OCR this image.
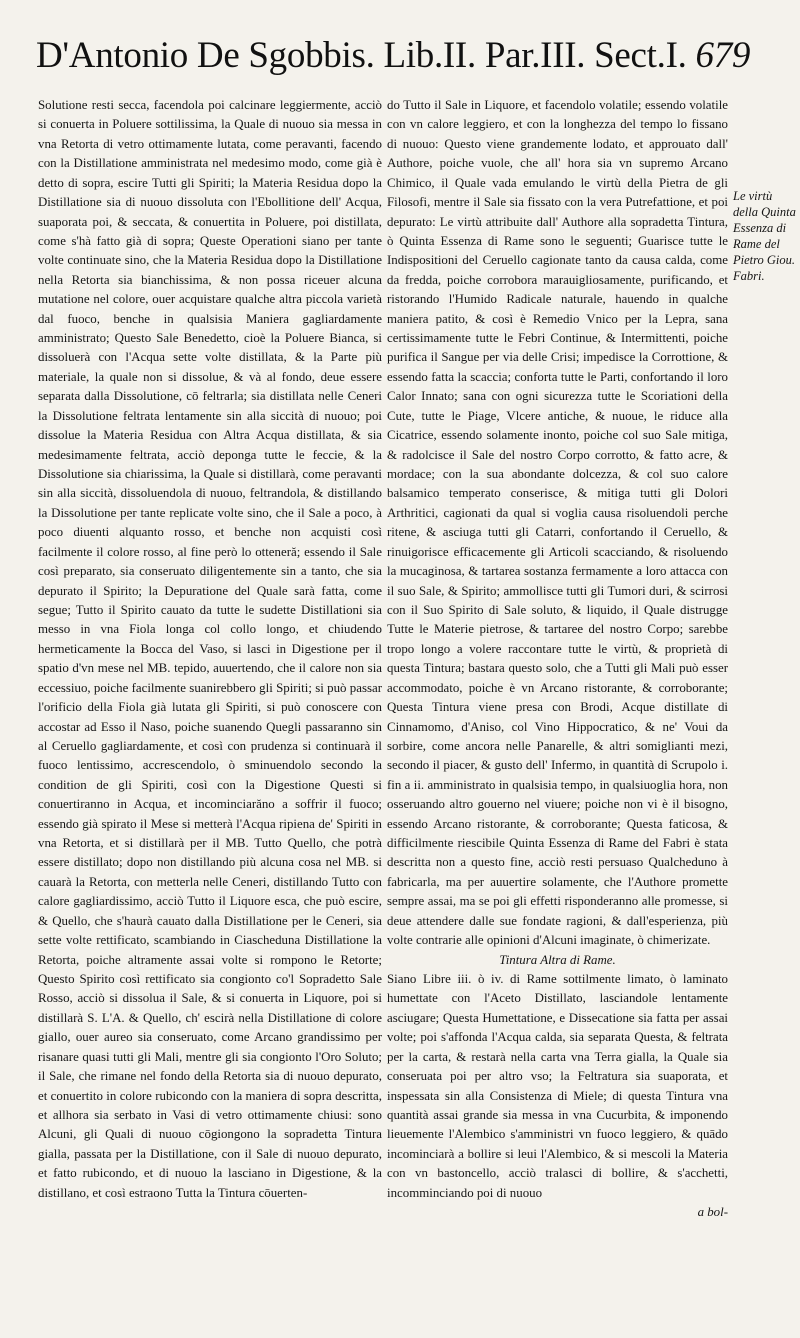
D'Antonio De Sgobbis. Lib.II. Par.III. Sect.I. 679

Solutione resti secca, facendola poi calcinare leggiermente, acciò si conuerta in Poluere sottilissima, la Quale di nuouo sia messa in vna Retorta di vetro ottimamente lutata, come peravanti, facendo con la Distillatione amministrata nel medesimo modo, come già è detto di sopra, escire Tutti gli Spiriti; la Materia Residua dopo la Distillatione sia di nuouo dissoluta con l'Ebollitione dell' Acqua, suaporata poi, & seccata, & conuertita in Poluere, poi distillata, come s'hà fatto già di sopra; Queste Operationi siano per tante volte continuate sino, che la Materia Residua dopo la Distillatione nella Retorta sia bianchissima, & non possa riceuer alcuna mutatione nel colore, ouer acquistare qualche altra piccola varietà dal fuoco, benche in qualsisia Maniera gagliardamente amministrato; Questo Sale Benedetto, cioè la Poluere Bianca, si dissoluerà con l'Acqua sette volte distillata, & la Parte più materiale, la quale non si dissolue, & và al fondo, deue essere separata dalla Dissolutione, cō feltrarla; sia distillata nelle Ceneri la Dissolutione feltrata lentamente sin alla siccità di nuouo; poi dissolue la Materia Residua con Altra Acqua distillata, & sia medesimamente feltrata, acciò deponga tutte le feccie, & la Dissolutione sia chiarissima, la Quale si distillarà, come peravanti sin alla siccità, dissoluendola di nuouo, feltrandola, & distillando la Dissolutione per tante replicate volte sino, che il Sale a poco, à poco diuenti alquanto rosso, et benche non acquisti così facilmente il colore rosso, al fine però lo otteneră; essendo il Sale così preparato, sia conseruato diligentemente sin a tanto, che sia depurato il Spirito; la Depuratione del Quale sarà fatta, come segue; Tutto il Spirito cauato da tutte le sudette Distillationi sia messo in vna Fiola longa col collo longo, et chiudendo hermeticamente la Bocca del Vaso, si lasci in Digestione per il spatio d'vn mese nel MB. tepido, auuertendo, che il calore non sia eccessiuo, poiche facilmente suanirebbero gli Spiriti; si può passar l'orificio della Fiola già lutata gli Spiriti, si può conoscere con accostar ad Esso il Naso, poiche suanendo Quegli passaranno sin al Ceruello gagliardamente, et così con prudenza si continuarà il fuoco lentissimo, accrescendolo, ò sminuendolo secondo la condition de gli Spiriti, così con la Digestione Questi si conuertiranno in Acqua, et incominciarăno a soffrir il fuoco; essendo già spirato il Mese si metterà l'Acqua ripiena de' Spiriti in vna Retorta, et si distillarà per il MB. Tutto Quello, che potrà essere distillato; dopo non distillando più alcuna cosa nel MB. si cauarà la Retorta, con metterla nelle Ceneri, distillando Tutto con calore gagliardissimo, acciò Tutto il Liquore esca, che può escire, & Quello, che s'haurà cauato dalla Distillatione per le Ceneri, sia sette volte rettificato, scambiando in Ciascheduna Distillatione la Retorta, poiche altramente assai volte si rompono le Retorte; Questo Spirito così rettificato sia congionto co'l Sopradetto Sale Rosso, acciò si dissolua il Sale, & si conuerta in Liquore, poi si distillarà S. L'A. & Quello, ch' escirà nella Distillatione di colore giallo, ouer aureo sia conseruato, come Arcano grandissimo per risanare quasi tutti gli Mali, mentre gli sia congionto l'Oro Soluto; il Sale, che rimane nel fondo della Retorta sia di nuouo depurato, et conuertito in colore rubicondo con la maniera di sopra descritta, et allhora sia serbato in Vasi di vetro ottimamente chiusi: sono Alcuni, gli Quali di nuouo cōgiongono la sopradetta Tintura gialla, passata per la Distillatione, con il Sale di nuouo depurato, et fatto rubicondo, et di nuouo la lasciano in Digestione, & la distillano, et così estraono Tutta la Tintura cōuerten-

do Tutto il Sale in Liquore, et facendolo volatile; essendo volatile con vn calore leggiero, et con la longhezza del tempo lo fissano di nuouo: Questo viene grandemente lodato, et approuato dall' Authore, poiche vuole, che all' hora sia vn supremo Arcano Chimico, il Quale vada emulando le virtù della Pietra de gli Filosofi, mentre il Sale sia fissato con la vera Putrefattione, et poi depurato: Le virtù attribuite dall' Authore alla sopradetta Tintura, ò Quinta Essenza di Rame sono le seguenti; Guarisce tutte le Indispositioni del Ceruello cagionate tanto da causa calda, come da fredda, poiche corrobora marauigliosamente, purificando, et ristorando l'Humido Radicale naturale, hauendo in qualche maniera patito, & così è Remedio Vnico per la Lepra, sana certissimamente tutte le Febri Continue, & Intermittenti, poiche purifica il Sangue per via delle Crisi; impedisce la Corrottione, & essendo fatta la scaccia; conforta tutte le Parti, confortando il loro Calor Innato; sana con ogni sicurezza tutte le Scoriationi della Cute, tutte le Piage, Vlcere antiche, & nuoue, le riduce alla Cicatrice, essendo solamente inonto, poiche col suo Sale mitiga, & radolcisce il Sale del nostro Corpo corrotto, & fatto acre, & mordace; con la sua abondante dolcezza, & col suo calore balsamico temperato conserisce, & mitiga tutti gli Dolori Arthritici, cagionati da qual si voglia causa risoluendoli perche ritene, & asciuga tutti gli Catarri, confortando il Ceruello, & rinuigorisce efficacemente gli Articoli scacciando, & risoluendo la mucaginosa, & tartarea sostanza fermamente a loro attacca con il suo Sale, & Spirito; ammollisce tutti gli Tumori duri, & scirrosi con il Suo Spirito di Sale soluto, & liquido, il Quale distrugge Tutte le Materie pietrose, & tartaree del nostro Corpo; sarebbe tropo longo a volere raccontare tutte le virtù, & proprietà di questa Tintura; bastara questo solo, che a Tutti gli Mali può esser accommodato, poiche è vn Arcano ristorante, & corroborante; Questa Tintura viene presa con Brodi, Acque distillate di Cinnamomo, d'Aniso, col Vino Hippocratico, & ne' Voui da sorbire, come ancora nelle Panarelle, & altri somiglianti mezi, secondo il piacer, & gusto dell' Infermo, in quantità di Scrupolo i. fin a ii. amministrato in qualsisia tempo, in qualsiuoglia hora, non osseruando altro gouerno nel viuere; poiche non vi è il bisogno, essendo Arcano ristorante, & corroborante; Questa faticosa, & difficilmente riescibile Quinta Essenza di Rame del Fabri è stata descritta non a questo fine, acciò resti persuaso Qualcheduno à fabricarla, ma per auuertire solamente, che l'Authore promette sempre assai, ma se poi gli effetti risponderanno alle promesse, si deue attendere dalle sue fondate ragioni, & dall'esperienza, più volte contrarie alle opinioni d'Alcuni imaginate, ò chimerizate.

Tintura Altra di Rame.

Siano Libre iii. ò iv. di Rame sottilmente limato, ò laminato humettate con l'Aceto Distillato, lasciandole lentamente asciugare; Questa Humettatione, e Dissecatione sia fatta per assai volte; poi s'affonda l'Acqua calda, sia separata Questa, & feltrata per la carta, & restarà nella carta vna Terra gialla, la Quale sia conseruata poi per altro vso; la Feltratura sia suaporata, et inspessata sin alla Consistenza di Miele; di questa Tintura vna quantità assai grande sia messa in vna Cucurbita, & imponendo lieuemente l'Alembico s'amministri vn fuoco leggiero, & quādo incominciarà a bollire si leui l'Alembico, & si mescoli la Materia con vn bastoncello, acciò tralasci di bollire, & s'acchetti, incomminciando poi di nuouo

a bol-

Le virtù della Quinta Essenza di Rame del Pietro Giou. Fabri.
